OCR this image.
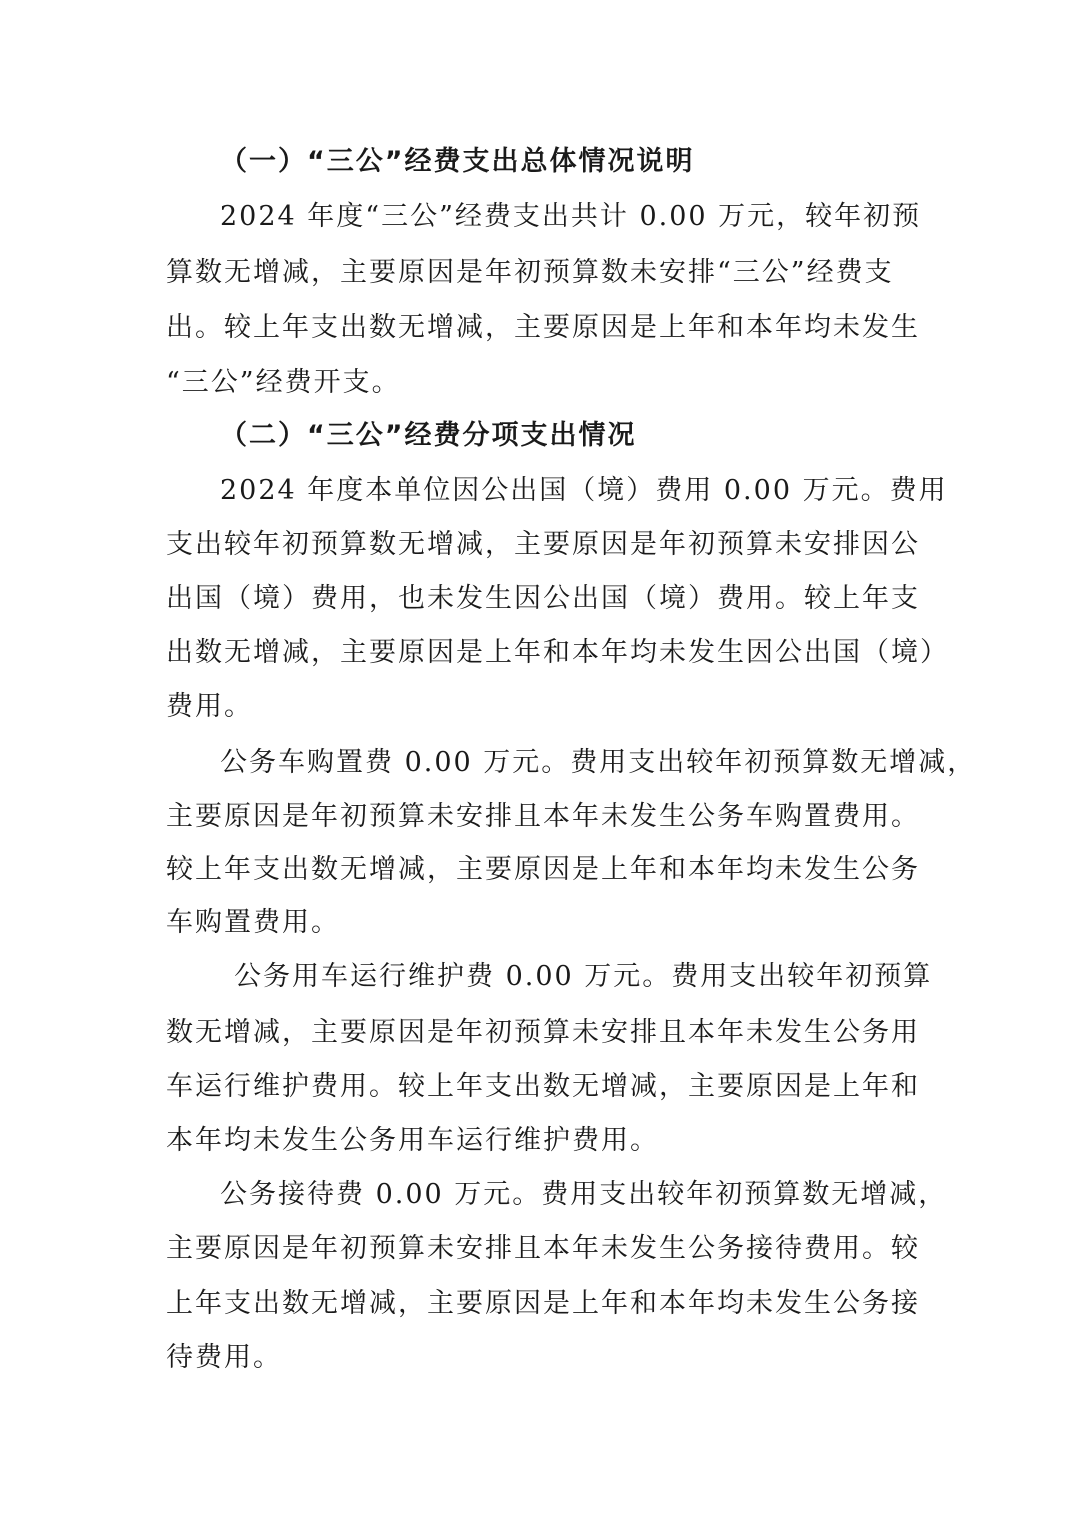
（一）“三公”经费支出总体情况说明
2024 年度“三公”经费支出共计 0.00 万元，较年初预
算数无增减，主要原因是年初预算数未安排“三公”经费支
出。较上年支出数无增减，主要原因是上年和本年均未发生
“三公”经费开支。
（二）“三公”经费分项支出情况
2024 年度本单位因公出国（境）费用 0.00 万元。费用
支出较年初预算数无增减，主要原因是年初预算未安排因公
出国（境）费用，也未发生因公出国（境）费用。较上年支
出数无增减，主要原因是上年和本年均未发生因公出国（境）
费用。
公务车购置费 0.00 万元。费用支出较年初预算数无增减，
主要原因是年初预算未安排且本年未发生公务车购置费用。
较上年支出数无增减，主要原因是上年和本年均未发生公务
车购置费用。
公务用车运行维护费 0.00 万元。费用支出较年初预算
数无增减，主要原因是年初预算未安排且本年未发生公务用
车运行维护费用。较上年支出数无增减，主要原因是上年和
本年均未发生公务用车运行维护费用。
公务接待费 0.00 万元。费用支出较年初预算数无增减，
主要原因是年初预算未安排且本年未发生公务接待费用。较
上年支出数无增减，主要原因是上年和本年均未发生公务接
待费用。
